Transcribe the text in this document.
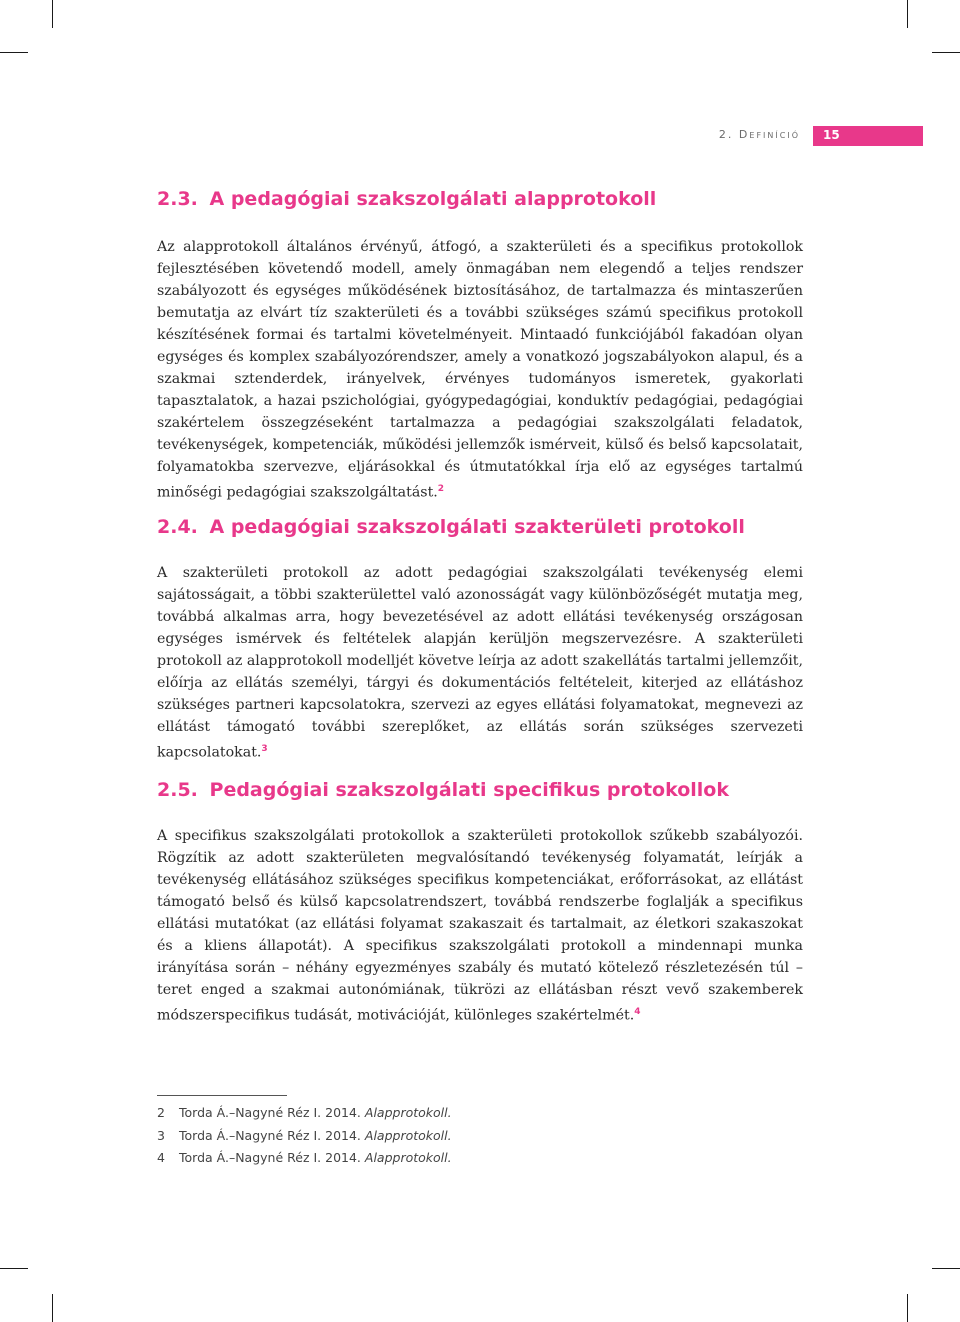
2. Definíció 15
2.3. A pedagógiai szakszolgálati alapprotokoll

Az alapprotokoll általános érvényű, átfogó, a szakterületi és a specifikus protokollok fejlesztésében követendő modell, amely önmagában nem elegendő a teljes rendszer szabályozott és egységes működésének biztosításához, de tartalmazza és mintaszerűen bemutatja az elvárt tíz szakterületi és a további szükséges számú specifikus protokoll készítésének formai és tartalmi követelményeit. Mintaadó funkciójából fakadóan olyan egységes és komplex szabályozórendszer, amely a vonatkozó jogszabályokon alapul, és a szakmai sztenderdek, irányelvek, érvényes tudományos ismeretek, gyakorlati tapasztalatok, a hazai pszichológiai, gyógypedagógiai, konduktív pedagógiai, pedagógiai szakértelem összegzéseként tartalmazza a pedagógiai szakszolgálati feladatok, tevékenységek, kompetenciák, működési jellemzők ismérveit, külső és belső kapcsolatait, folyamatokba szervezve, eljárásokkal és útmutatókkal írja elő az egységes tartalmú minőségi pedagógiai szakszolgáltatást.$^2$

2.4. A pedagógiai szakszolgálati szakterületi protokoll

A szakterületi protokoll az adott pedagógiai szakszolgálati tevékenység elemi sajátosságait, a többi szakterülettel való azonosságát vagy különbözőségét mutatja meg, továbbá alkalmas arra, hogy bevezetésével az adott ellátási tevékenység országosan egységes ismérvek és feltételek alapján kerüljön megszervezésre. A szakterületi protokoll az alapprotokoll modelljét követve leírja az adott szakellátás tartalmi jellemzőit, előírja az ellátás személyi, tárgyi és dokumentációs feltételeit, kiterjed az ellátáshoz szükséges partneri kapcsolatokra, szervezi az egyes ellátási folyamatokat, megnevezi az ellátást támogató további szereplőket, az ellátás során szükséges szervezeti kapcsolatokat.$^3$

2.5. Pedagógiai szakszolgálati specifikus protokollok

A specifikus szakszolgálati protokollok a szakterületi protokollok szűkebb szabályozói. Rögzítik az adott szakterületen megvalósítandó tevékenység folyamatát, leírják a tevékenység ellátásához szükséges specifikus kompetenciákat, erőforrásokat, az ellátást támogató belső és külső kapcsolatrendszert, továbbá rendszerbe foglalják a specifikus ellátási mutatókat (az ellátási folyamat szakaszait és tartalmait, az életkori szakaszokat és a kliens állapotát). A specifikus szakszolgálati protokoll a mindennapi munka irányítása során – néhány egyezményes szabály és mutató kötelező részletezésén túl – teret enged a szakmai autonómiának, tükrözi az ellátásban részt vevő szakemberek módszerspecifikus tudását, motivációját, különleges szakértelmét.$^4$

2 Torda Á.–Nagyné Réz I. 2014. Alapprotokoll.
3 Torda Á.–Nagyné Réz I. 2014. Alapprotokoll.
4 Torda Á.–Nagyné Réz I. 2014. Alapprotokoll.
